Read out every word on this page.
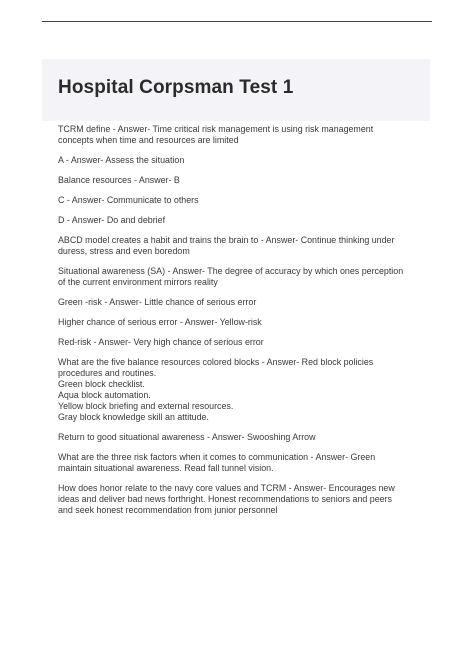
Hospital Corpsman Test 1

TCRM define - Answer- Time critical risk management is using risk management
concepts when time and resources are limited

A - Answer- Assess the situation

Balance resources - Answer- B

C - Answer- Communicate to others

D - Answer- Do and debrief

ABCD model creates a habit and trains the brain to - Answer- Continue thinking under
duress, stress and even boredom

Situational awareness (SA) - Answer- The degree of accuracy by which ones perception
of the current environment mirrors reality

Green -risk - Answer- Little chance of serious error

Higher chance of serious error - Answer- Yellow-risk

Red-risk - Answer- Very high chance of serious error

What are the five balance resources colored blocks - Answer- Red block policies
procedures and routines.
Green block checklist.
Aqua block automation.
Yellow block briefing and external resources.
Gray block knowledge skill an attitude.

Return to good situational awareness - Answer- Swooshing Arrow

What are the three risk factors when it comes to communication - Answer- Green
maintain situational awareness. Read fall tunnel vision.

How does honor relate to the navy core values and TCRM - Answer- Encourages new
ideas and deliver bad news forthright. Honest recommendations to seniors and peers
and seek honest recommendation from junior personnel
